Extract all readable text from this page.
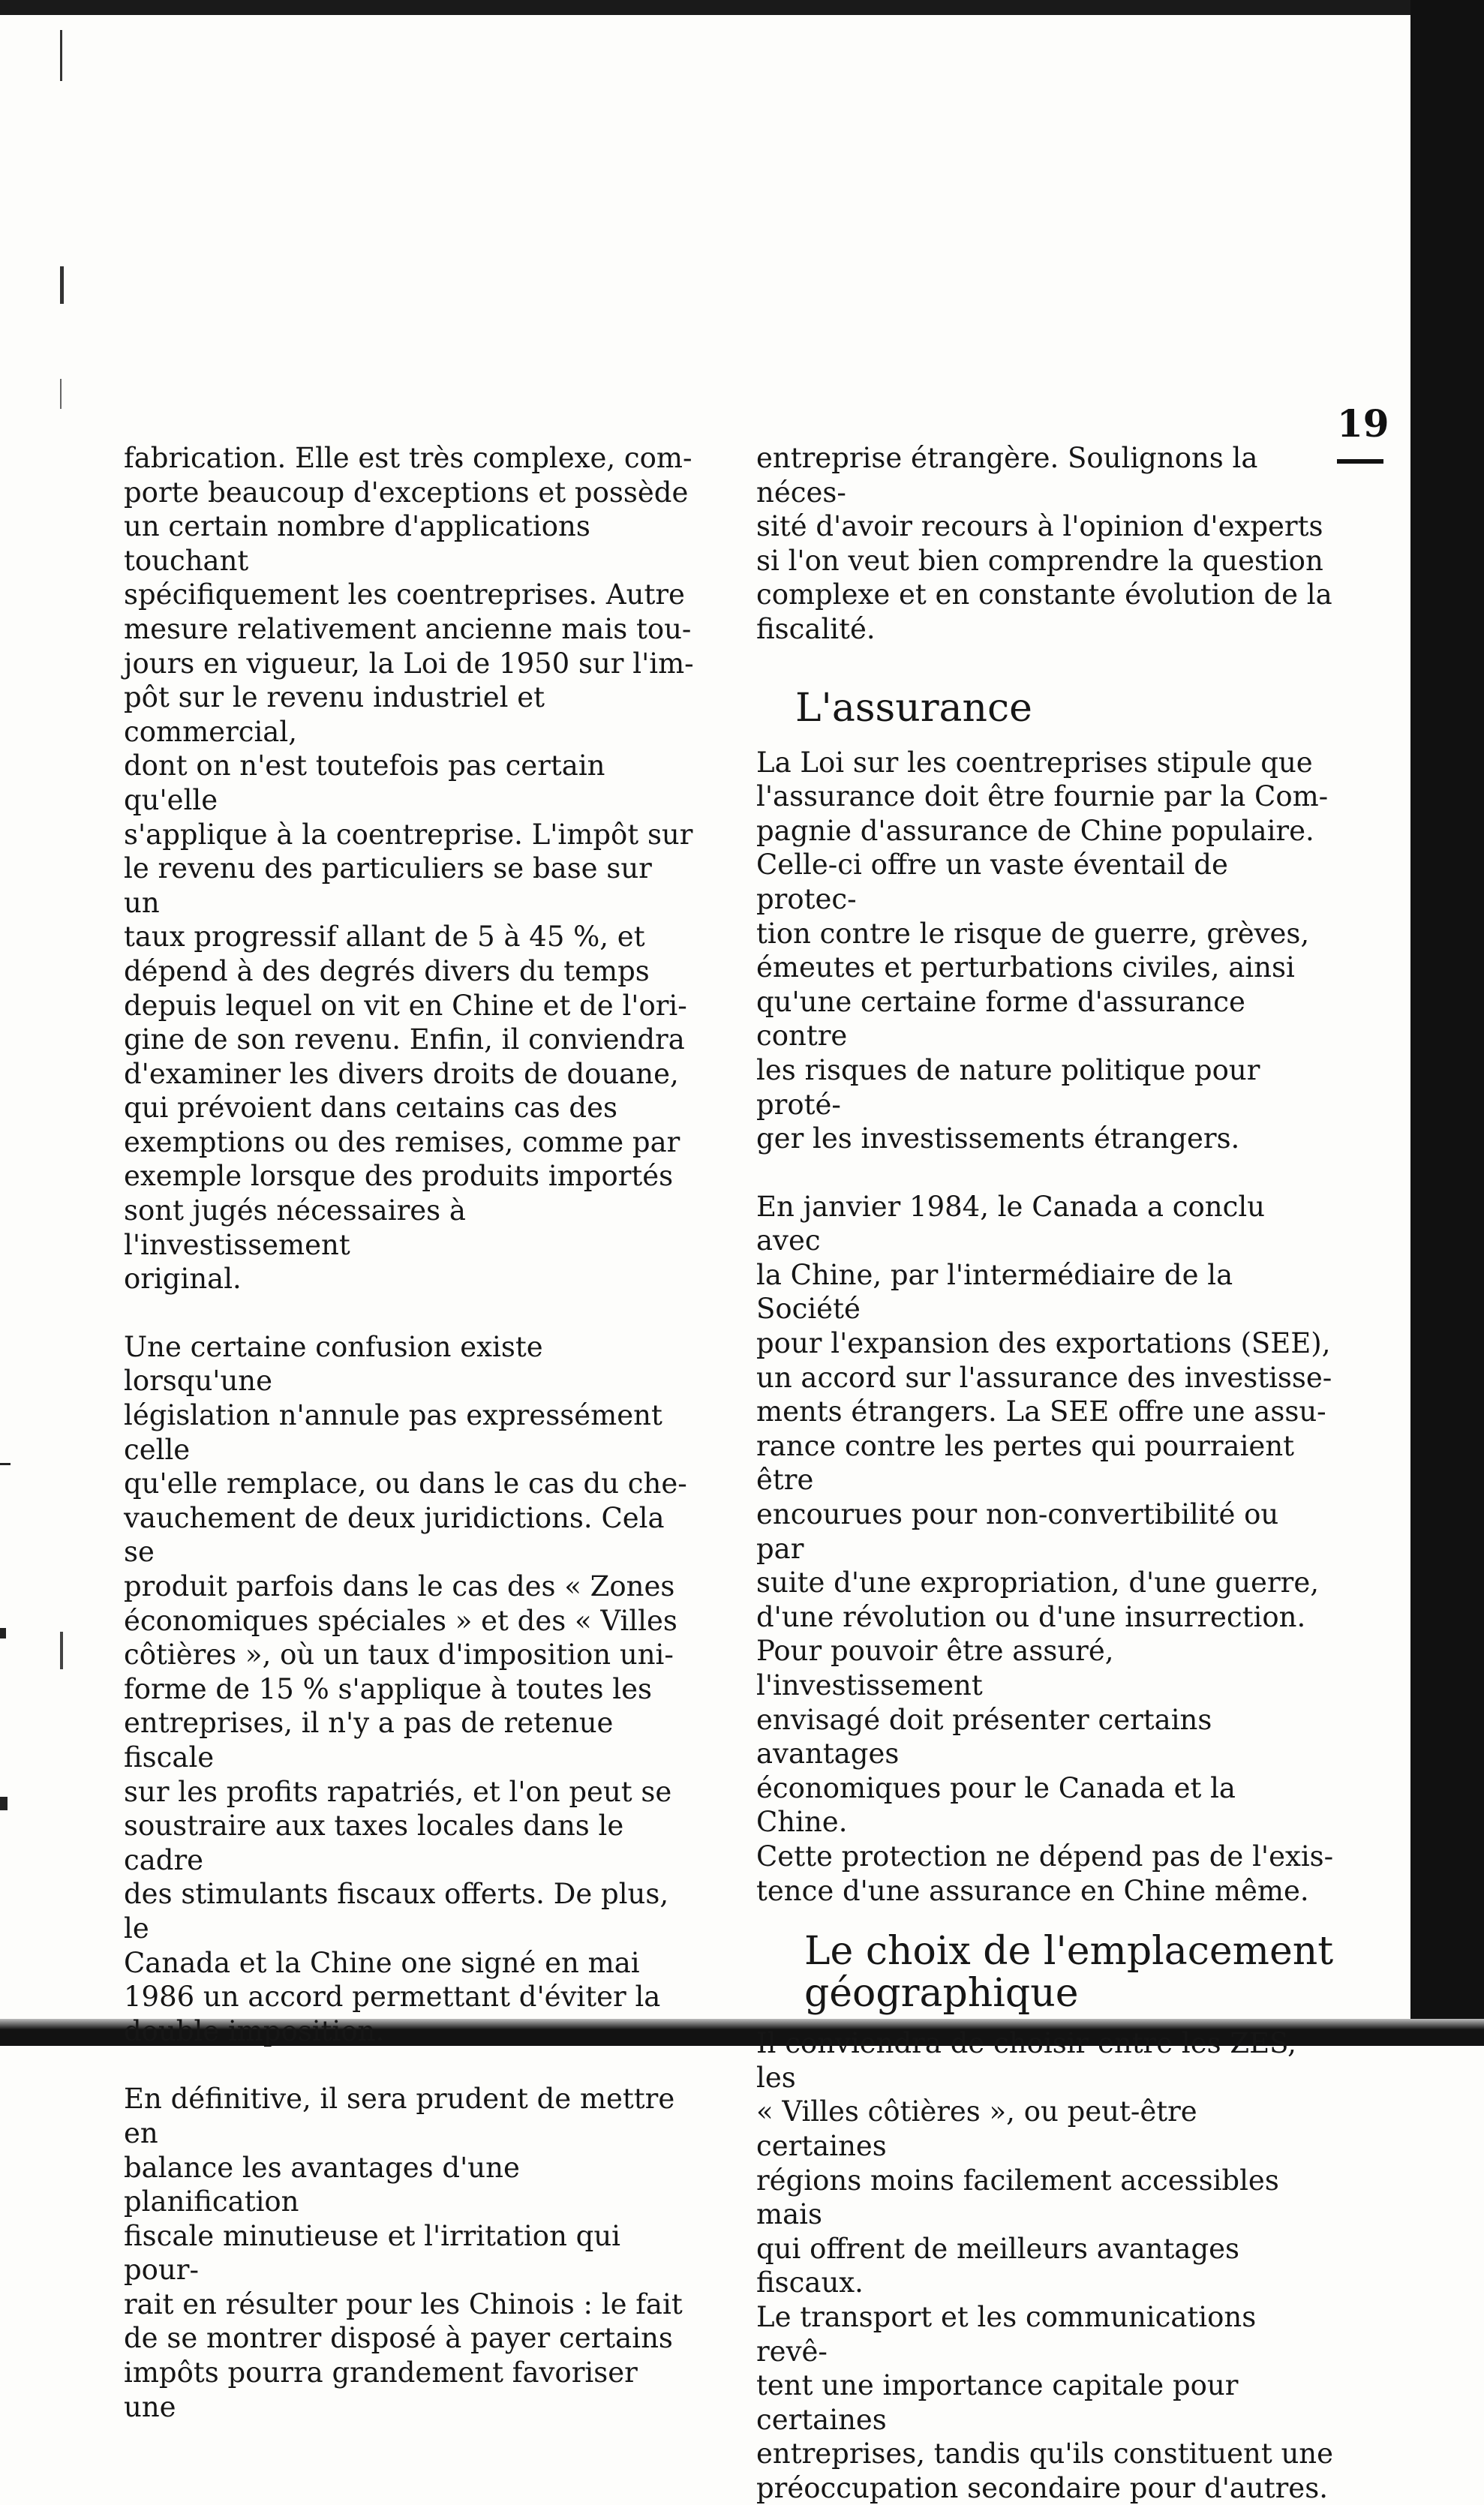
19

fabrication. Elle est très complexe, com-
porte beaucoup d'exceptions et possède
un certain nombre d'applications touchant
spécifiquement les coentreprises. Autre
mesure relativement ancienne mais tou-
jours en vigueur, la Loi de 1950 sur l'im-
pôt sur le revenu industriel et commercial,
dont on n'est toutefois pas certain qu'elle
s'applique à la coentreprise. L'impôt sur
le revenu des particuliers se base sur un
taux progressif allant de 5 à 45 %, et
dépend à des degrés divers du temps
depuis lequel on vit en Chine et de l'ori-
gine de son revenu. Enfin, il conviendra
d'examiner les divers droits de douane,
qui prévoient dans ceıtains cas des
exemptions ou des remises, comme par
exemple lorsque des produits importés
sont jugés nécessaires à l'investissement
original.

Une certaine confusion existe lorsqu'une
législation n'annule pas expressément celle
qu'elle remplace, ou dans le cas du che-
vauchement de deux juridictions. Cela se
produit parfois dans le cas des « Zones
économiques spéciales » et des « Villes
côtières », où un taux d'imposition uni-
forme de 15 % s'applique à toutes les
entreprises, il n'y a pas de retenue fiscale
sur les profits rapatriés, et l'on peut se
soustraire aux taxes locales dans le cadre
des stimulants fiscaux offerts. De plus, le
Canada et la Chine one signé en mai
1986 un accord permettant d'éviter la
double imposition.

En définitive, il sera prudent de mettre en
balance les avantages d'une planification
fiscale minutieuse et l'irritation qui pour-
rait en résulter pour les Chinois : le fait
de se montrer disposé à payer certains
impôts pourra grandement favoriser une

entreprise étrangère. Soulignons la néces-
sité d'avoir recours à l'opinion d'experts
si l'on veut bien comprendre la question
complexe et en constante évolution de la
fiscalité.

L'assurance

La Loi sur les coentreprises stipule que
l'assurance doit être fournie par la Com-
pagnie d'assurance de Chine populaire.
Celle-ci offre un vaste éventail de protec-
tion contre le risque de guerre, grèves,
émeutes et perturbations civiles, ainsi
qu'une certaine forme d'assurance contre
les risques de nature politique pour proté-
ger les investissements étrangers.

En janvier 1984, le Canada a conclu avec
la Chine, par l'intermédiaire de la Société
pour l'expansion des exportations (SEE),
un accord sur l'assurance des investisse-
ments étrangers. La SEE offre une assu-
rance contre les pertes qui pourraient être
encourues pour non-convertibilité ou par
suite d'une expropriation, d'une guerre,
d'une révolution ou d'une insurrection.
Pour pouvoir être assuré, l'investissement
envisagé doit présenter certains avantages
économiques pour le Canada et la Chine.
Cette protection ne dépend pas de l'exis-
tence d'une assurance en Chine même.

Le choix de l'emplacement
géographique

Il conviendra de choisir entre les ZES, les
« Villes côtières », ou peut-être certaines
régions moins facilement accessibles mais
qui offrent de meilleurs avantages fiscaux.
Le transport et les communications revê-
tent une importance capitale pour certaines
entreprises, tandis qu'ils constituent une
préoccupation secondaire pour d'autres.
